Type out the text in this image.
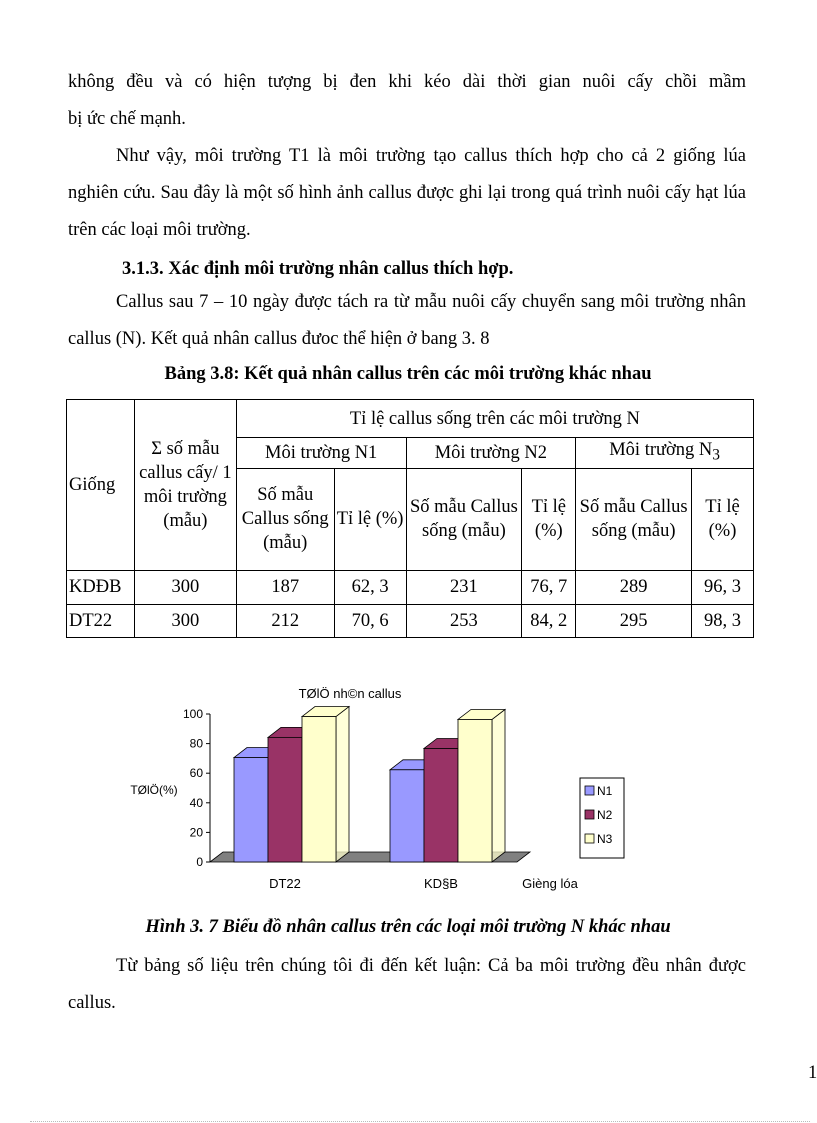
không đều và có hiện tượng bị đen khi kéo dài thời gian nuôi cấy chồi mầm

bị ức chế mạnh.

Như vậy, môi trường T1 là môi trường tạo callus thích hợp cho cả 2 giống lúa nghiên cứu. Sau đây là một số hình ảnh callus được ghi lại trong quá trình nuôi cấy hạt lúa trên các loại môi trường.

3.1.3. Xác định môi trường nhân callus thích hợp.

Callus sau 7 – 10 ngày được tách ra từ mẫu nuôi cấy chuyển sang môi trường nhân callus (N). Kết quả nhân callus đưoc thể hiện ở bang 3. 8

Bảng 3.8: Kết quả nhân callus trên các môi trường khác nhau

Giống	Σ số mẫu callus cấy/ 1 môi trường (mẫu)	Tỉ lệ callus sống trên các môi trường N					
		Môi trường N1		Môi trường N2		Môi trường $N_3$
		Số mẫu Callus sống (mẫu)	Tỉ lệ (%)	Số mẫu Callus sống (mẫu)	Tỉ lệ (%)	Số mẫu Callus sống (mẫu)	Tỉ lệ (%)
KDĐB	300	187	62, 3	231	76, 7	289	96, 3
DT22	300	212	70, 6	253	84, 2	295	98, 3
0
20
40
60
80
100
DT22	KD§B
TØlÖ nh©n callus
TØlÖ(%)
Gièng lóa
N1
N2
N3

Hình 3. 7 Biểu đồ nhân callus trên các loại môi trường N khác nhau

Từ bảng số liệu trên chúng tôi đi đến kết luận: Cả ba môi trường đều nhân được callus.

1
